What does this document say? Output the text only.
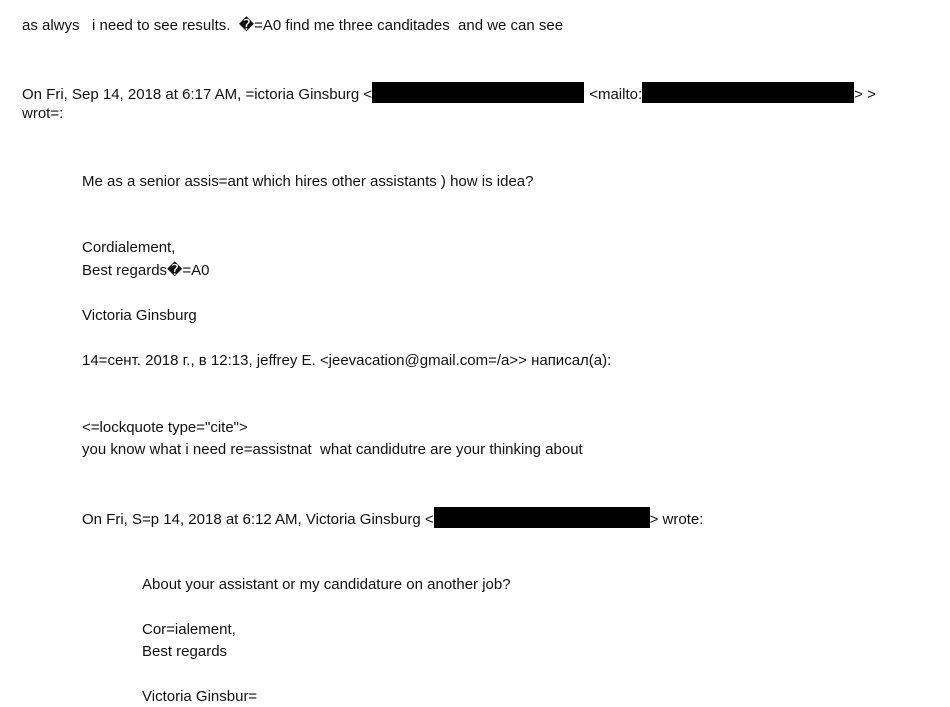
as alwys   i need to see results.  �=A0 find me three canditades  and we can see
On Fri, Sep 14, 2018 at 6:17 AM, =ictoria Ginsburg <	<mailto:	> >
wrot=:
Me as a senior assis=ant which hires other assistants ) how is idea?
Cordialement,
Best regards�=A0
Victoria Ginsburg
14=сент. 2018 г., в 12:13, jeffrey E. <jeevacation@gmail.com=/a>> написал(а):
<=lockquote type="cite">
you know what i need re=assistnat  what candidutre are your thinking about
On Fri, S=p 14, 2018 at 6:12 AM, Victoria Ginsburg <	> wrote:
About your assistant or my candidature on another job?
Cor=ialement,
Best regards
Victoria Ginsbur=
